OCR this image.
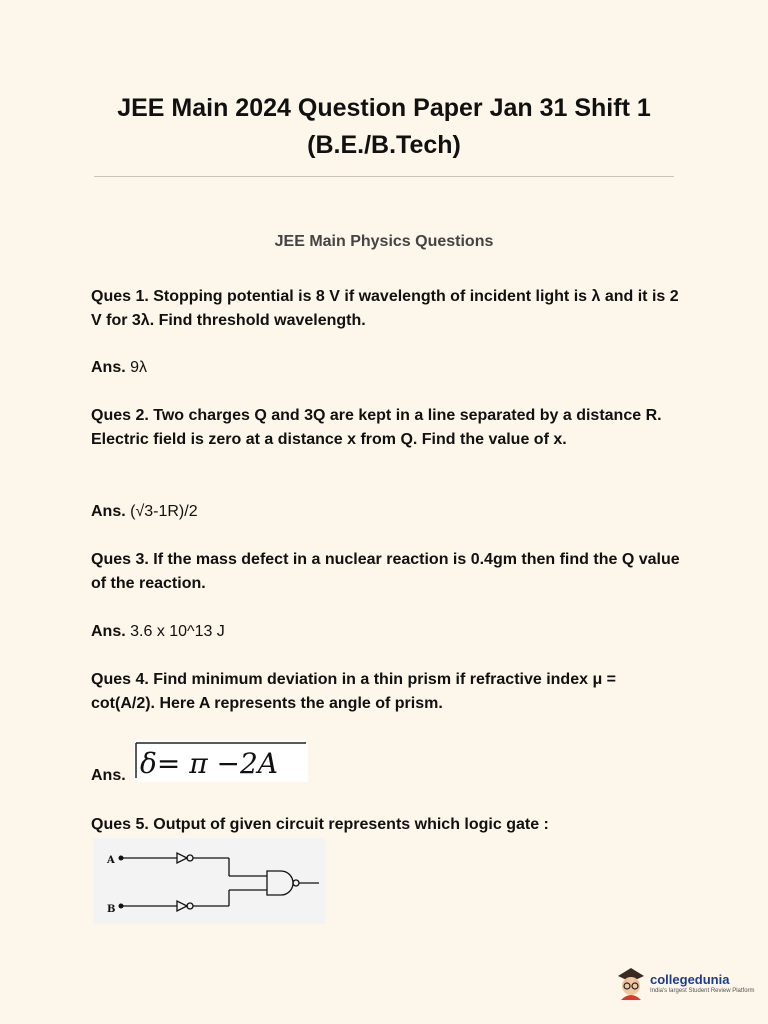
JEE Main 2024 Question Paper Jan 31 Shift 1
(B.E./B.Tech)
JEE Main Physics Questions
Ques 1. Stopping potential is 8 V if wavelength of incident light is λ and it is 2 V for 3λ. Find threshold wavelength.
Ans. 9λ
Ques 2. Two charges Q and 3Q are kept in a line separated by a distance R. Electric field is zero at a distance x from Q. Find the value of x.
Ans. (√3-1R)/2
Ques 3. If the mass defect in a nuclear reaction is 0.4gm then find the Q value of the reaction.
Ans. 3.6 x 10^13 J
Ques 4. Find minimum deviation in a thin prism if refractive index μ = cot(A/2). Here A represents the angle of prism.
Ans. δ= π −2A
Ques 5. Output of given circuit represents which logic gate :
A
B
collegedunia
India's largest Student Review Platform
